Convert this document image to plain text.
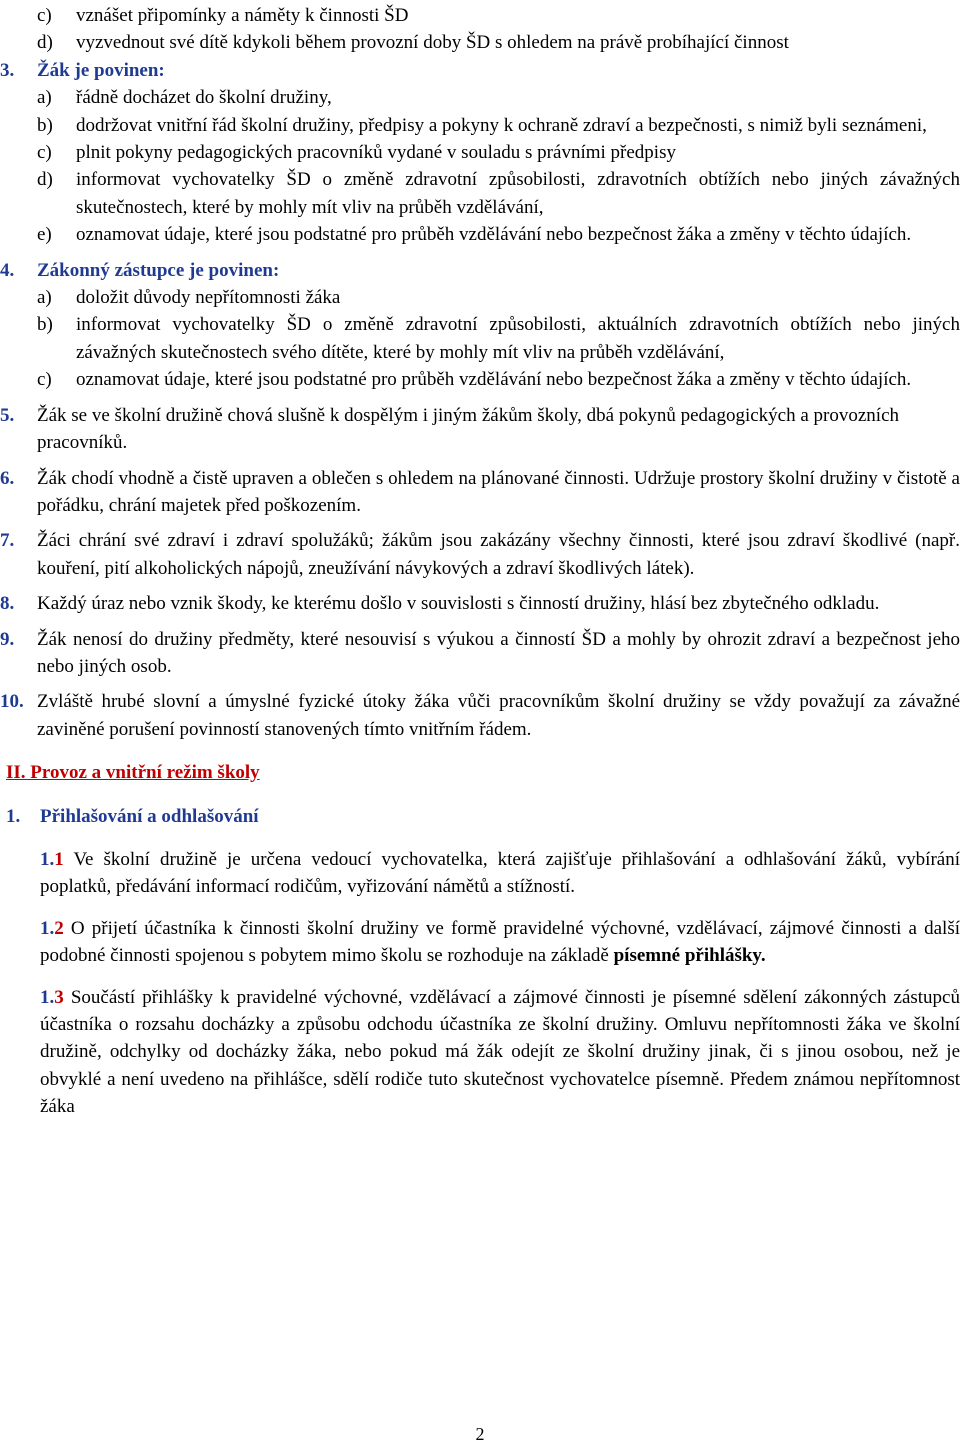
c)	vznášet připomínky a náměty k činnosti ŠD
d)	vyzvednout své dítě kdykoli během provozní doby ŠD s ohledem na právě probíhající činnost
3.	Žák je povinen:
a)	řádně docházet do školní družiny,
b)	dodržovat vnitřní řád školní družiny, předpisy a pokyny k ochraně zdraví a bezpečnosti, s nimiž byli seznámeni,
c)	plnit pokyny pedagogických pracovníků vydané v souladu s právními předpisy
d)	informovat vychovatelky ŠD o změně zdravotní způsobilosti, zdravotních obtížích nebo jiných závažných skutečnostech, které by mohly mít vliv na průběh vzdělávání,
e)	oznamovat údaje, které jsou podstatné pro průběh vzdělávání nebo bezpečnost žáka a změny v těchto údajích.
4.	Zákonný zástupce je povinen:
a)	doložit důvody nepřítomnosti žáka
b)	informovat vychovatelky ŠD o změně zdravotní způsobilosti, aktuálních zdravotních obtížích nebo jiných závažných skutečnostech svého dítěte, které by mohly mít vliv na průběh vzdělávání,
c)	oznamovat údaje, které jsou podstatné pro průběh vzdělávání nebo bezpečnost žáka a změny v těchto údajích.
5.	Žák se ve školní družině chová slušně k dospělým i jiným žákům školy, dbá pokynů pedagogických a provozních pracovníků.
6.	Žák chodí vhodně a čistě upraven a oblečen s ohledem na plánované činnosti. Udržuje prostory školní družiny v čistotě a pořádku, chrání majetek před poškozením.
7.	Žáci chrání své zdraví i zdraví spolužáků; žákům jsou zakázány všechny činnosti, které jsou zdraví škodlivé (např. kouření, pití alkoholických nápojů, zneužívání návykových a zdraví škodlivých látek).
8.	Každý úraz nebo vznik škody, ke kterému došlo v souvislosti s činností družiny, hlásí bez zbytečného odkladu.
9.	Žák nenosí do družiny předměty, které nesouvisí s výukou a činností ŠD a mohly by ohrozit zdraví a bezpečnost jeho nebo jiných osob.
10. Zvláště hrubé slovní a úmyslné fyzické útoky žáka vůči pracovníkům školní družiny se vždy považují za závažné zaviněné porušení povinností stanovených tímto vnitřním řádem.
II. Provoz a vnitřní režim školy
1.	Přihlašování a odhlašování

1.1 Ve školní družině je určena vedoucí vychovatelka, která zajišťuje přihlašování a odhlašování žáků, vybírání poplatků, předávání informací rodičům, vyřizování námětů a stížností.

1.2 O přijetí účastníka k činnosti školní družiny ve formě pravidelné výchovné, vzdělávací, zájmové činnosti a další podobné činnosti spojenou s pobytem mimo školu se rozhoduje na základě písemné přihlášky.

1.3 Součástí přihlášky k pravidelné výchovné, vzdělávací a zájmové činnosti je písemné sdělení zákonných zástupců účastníka o rozsahu docházky a způsobu odchodu účastníka ze školní družiny. Omluvu nepřítomnosti žáka ve školní družině, odchylky od docházky žáka, nebo pokud má žák odejít ze školní družiny jinak, či s jinou osobou, než je obvyklé a není uvedeno na přihlášce, sdělí rodiče tuto skutečnost vychovatelce písemně. Předem známou nepřítomnost žáka

2
